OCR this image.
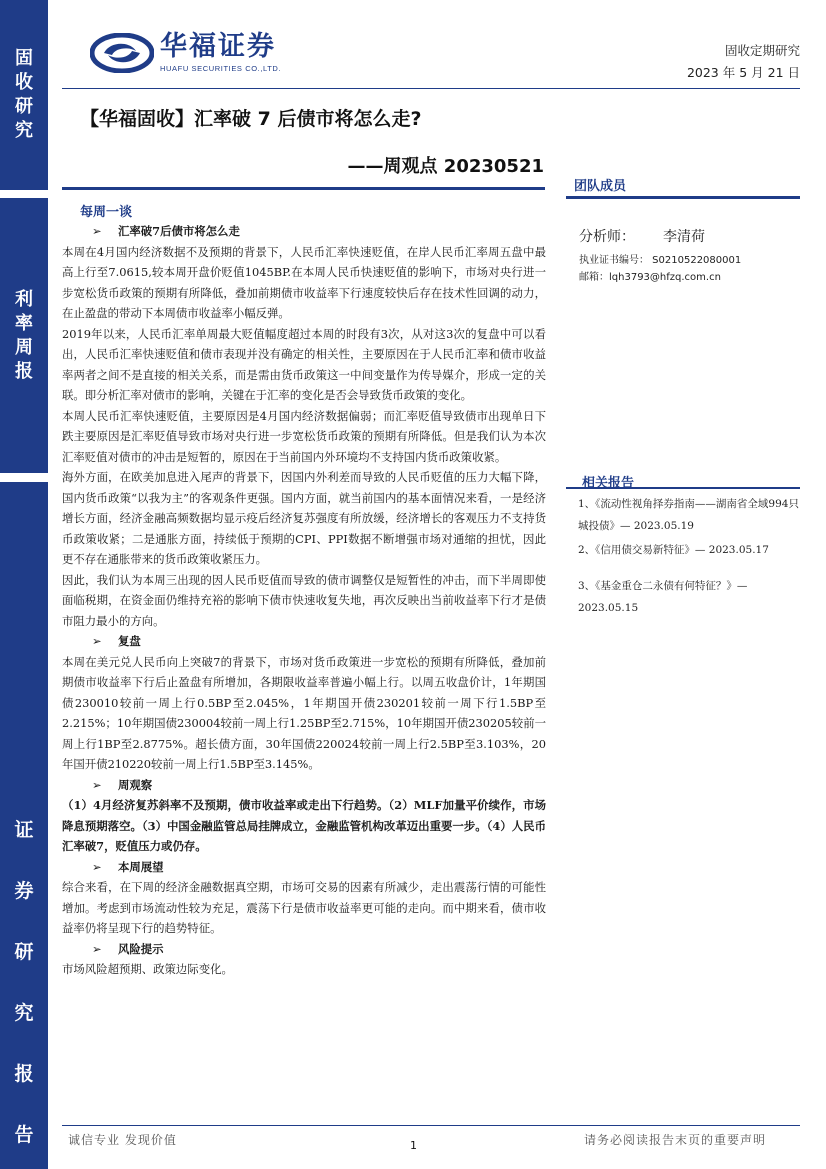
固
收
研
究
利
率
周
报
证
券
研
究
报
告
华福证券
HUAFU SECURITIES CO.,LTD.
固收定期研究
2023 年 5 月 21 日
【华福固收】汇率破 7 后债市将怎么走?
——周观点 20230521
每周一谈
团队成员

➢ 汇率破7后债市将怎么走

本周在4月国内经济数据不及预期的背景下，人民币汇率快速贬值，在岸人民币汇率周五盘中最高上行至7.0615,较本周开盘价贬值1045BP.在本周人民币快速贬值的影响下，市场对央行进一步宽松货币政策的预期有所降低，叠加前期债市收益率下行速度较快后存在技术性回调的动力，在止盈盘的带动下本周债市收益率小幅反弹。

2019年以来，人民币汇率单周最大贬值幅度超过本周的时段有3次，从对这3次的复盘中可以看出，人民币汇率快速贬值和债市表现并没有确定的相关性，主要原因在于人民币汇率和债市收益率两者之间不是直接的相关关系，而是需由货币政策这一中间变量作为传导媒介，形成一定的关联。即分析汇率对债市的影响，关键在于汇率的变化是否会导致货币政策的变化。

本周人民币汇率快速贬值，主要原因是4月国内经济数据偏弱；而汇率贬值导致债市出现单日下跌主要原因是汇率贬值导致市场对央行进一步宽松货币政策的预期有所降低。但是我们认为本次汇率贬值对债市的冲击是短暂的，原因在于当前国内外环境均不支持国内货币政策收紧。

海外方面，在欧美加息进入尾声的背景下，因国内外利差而导致的人民币贬值的压力大幅下降，国内货币政策“以我为主”的客观条件更强。国内方面，就当前国内的基本面情况来看，一是经济增长方面，经济金融高频数据均显示疫后经济复苏强度有所放缓，经济增长的客观压力不支持货币政策收紧；二是通胀方面，持续低于预期的CPI、PPI数据不断增强市场对通缩的担忧，因此更不存在通胀带来的货币政策收紧压力。

因此，我们认为本周三出现的因人民币贬值而导致的债市调整仅是短暂性的冲击，而下半周即使面临税期，在资金面仍维持充裕的影响下债市快速收复失地，再次反映出当前收益率下行才是债市阻力最小的方向。

➢ 复盘

本周在美元兑人民币向上突破7的背景下，市场对货币政策进一步宽松的预期有所降低，叠加前期债市收益率下行后止盈盘有所增加，各期限收益率普遍小幅上行。以周五收盘价计，1年期国债230010较前一周上行0.5BP至2.045%，1年期国开债230201较前一周下行1.5BP至2.215%；10年期国债230004较前一周上行1.25BP至2.715%，10年期国开债230205较前一周上行1BP至2.8775%。超长债方面，30年国债220024较前一周上行2.5BP至3.103%，20年国开债210220较前一周上行1.5BP至3.145%。

➢ 周观察

（1）4月经济复苏斜率不及预期，债市收益率或走出下行趋势。（2）MLF加量平价续作，市场降息预期落空。（3）中国金融监管总局挂牌成立，金融监管机构改革迈出重要一步。（4）人民币汇率破7，贬值压力或仍存。

➢ 本周展望

综合来看，在下周的经济金融数据真空期，市场可交易的因素有所减少，走出震荡行情的可能性增加。考虑到市场流动性较为充足，震荡下行是债市收益率更可能的走向。而中期来看，债市收益率仍将呈现下行的趋势特征。

➢ 风险提示

市场风险超预期、政策边际变化。

分析师： 李清荷
执业证书编号： S0210522080001
邮箱：lqh3793@hfzq.com.cn
相关报告
1、《流动性视角择券指南——湖南省全域994只城投债》— 2023.05.19
2、《信用债交易新特征》— 2023.05.17
3、《基金重仓二永债有何特征？》— 2023.05.15
诚信专业 发现价值	1	请务必阅读报告末页的重要声明
